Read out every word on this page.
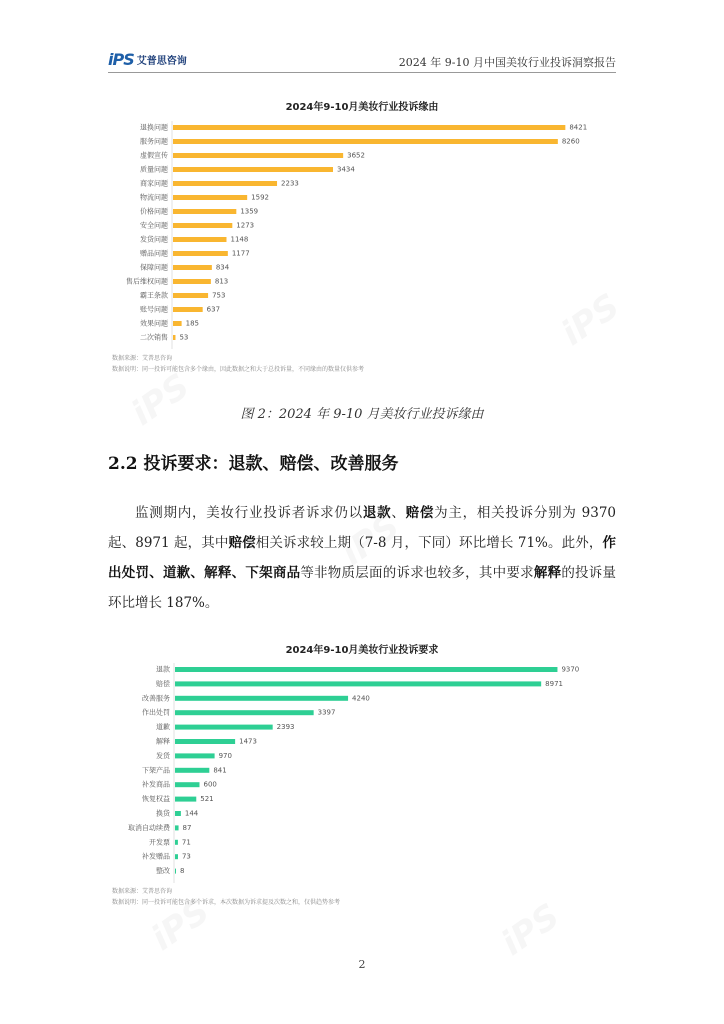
iPS 艾普思咨询	2024 年 9-10 月中国美妆行业投诉洞察报告
2024年9-10月美妆行业投诉缘由
退换问题	8421
服务问题	8260
虚假宣传	3652
质量问题	3434
商家问题	2233
物流问题	1592
价格问题	1359
安全问题	1273
发货问题	1148
赠品问题	1177
保障问题	834
售后维权问题	813
霸王条款	753
账号问题	637
效果问题	185
二次销售 53
数据来源：艾普思咨询
数据说明：同一投诉可能包含多个缘由，因此数据之和大于总投诉量，不同缘由的数量仅供参考
图 2：2024 年 9-10 月美妆行业投诉缘由
2.2 投诉要求：退款、赔偿、改善服务
监测期内，美妆行业投诉者诉求仍以退款、赔偿为主，相关投诉分别为 9370 起、8971 起，其中赔偿相关诉求较上期（7-8 月，下同）环比增长 71%。此外，作出处罚、道歉、解释、下架商品等非物质层面的诉求也较多，其中要求解释的投诉量环比增长 187%。
2024年9-10月美妆行业投诉要求
退款	9370
赔偿	8971
改善服务	4240
作出处罚	3397
道歉	2393
解释	1473
发货	970
下架产品	841
补发商品	600
恢复权益	521
换货 144
取消自动续费 87
开发票 71
补发赠品 73
整改 8
数据来源：艾普思咨询
数据说明：同一投诉可能包含多个诉求，本次数据为诉求提及次数之和，仅供趋势参考
2
